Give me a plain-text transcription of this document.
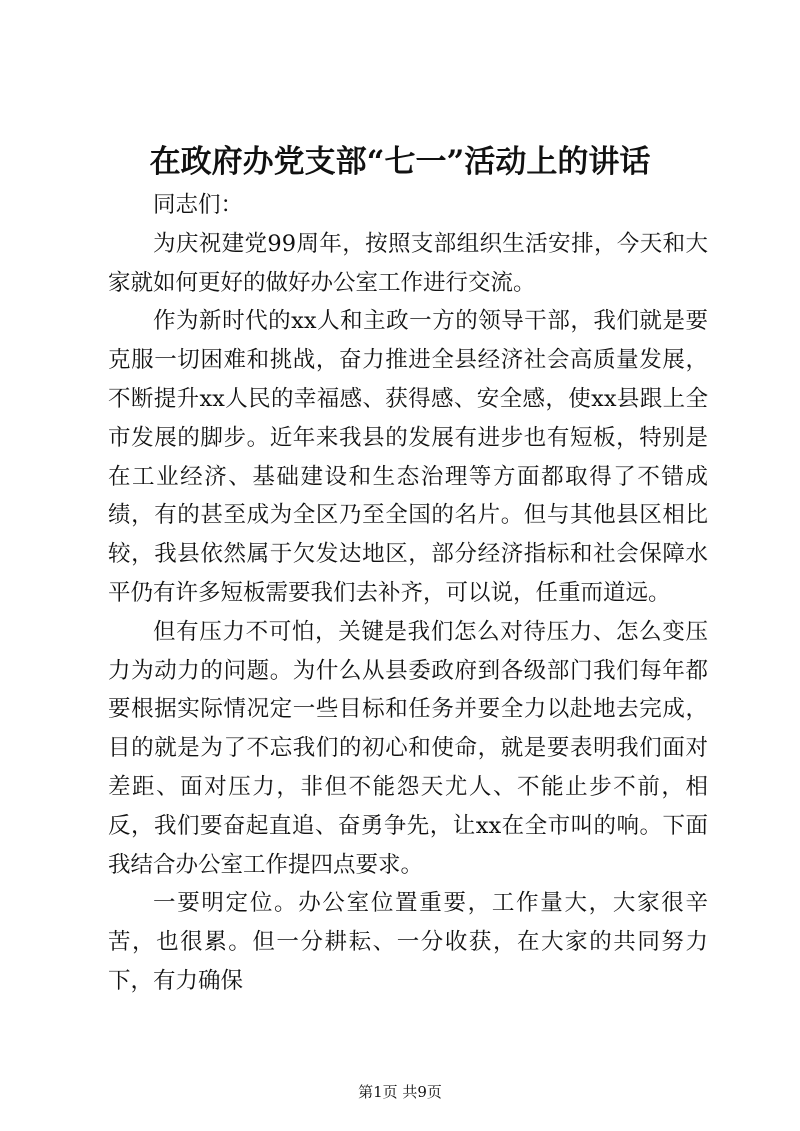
在政府办党支部“七一”活动上的讲话

同志们：

为庆祝建党99周年，按照支部组织生活安排，今天和大家就如何更好的做好办公室工作进行交流。

作为新时代的xx人和主政一方的领导干部，我们就是要克服一切困难和挑战，奋力推进全县经济社会高质量发展，不断提升xx人民的幸福感、获得感、安全感，使xx县跟上全市发展的脚步。近年来我县的发展有进步也有短板，特别是在工业经济、基础建设和生态治理等方面都取得了不错成绩，有的甚至成为全区乃至全国的名片。但与其他县区相比较，我县依然属于欠发达地区，部分经济指标和社会保障水平仍有许多短板需要我们去补齐，可以说，任重而道远。

但有压力不可怕，关键是我们怎么对待压力、怎么变压力为动力的问题。为什么从县委政府到各级部门我们每年都要根据实际情况定一些目标和任务并要全力以赴地去完成，目的就是为了不忘我们的初心和使命，就是要表明我们面对差距、面对压力，非但不能怨天尤人、不能止步不前，相反，我们要奋起直追、奋勇争先，让xx在全市叫的响。下面我结合办公室工作提四点要求。

一要明定位。办公室位置重要，工作量大，大家很辛苦，也很累。但一分耕耘、一分收获，在大家的共同努力下，有力确保

第1页 共9页
